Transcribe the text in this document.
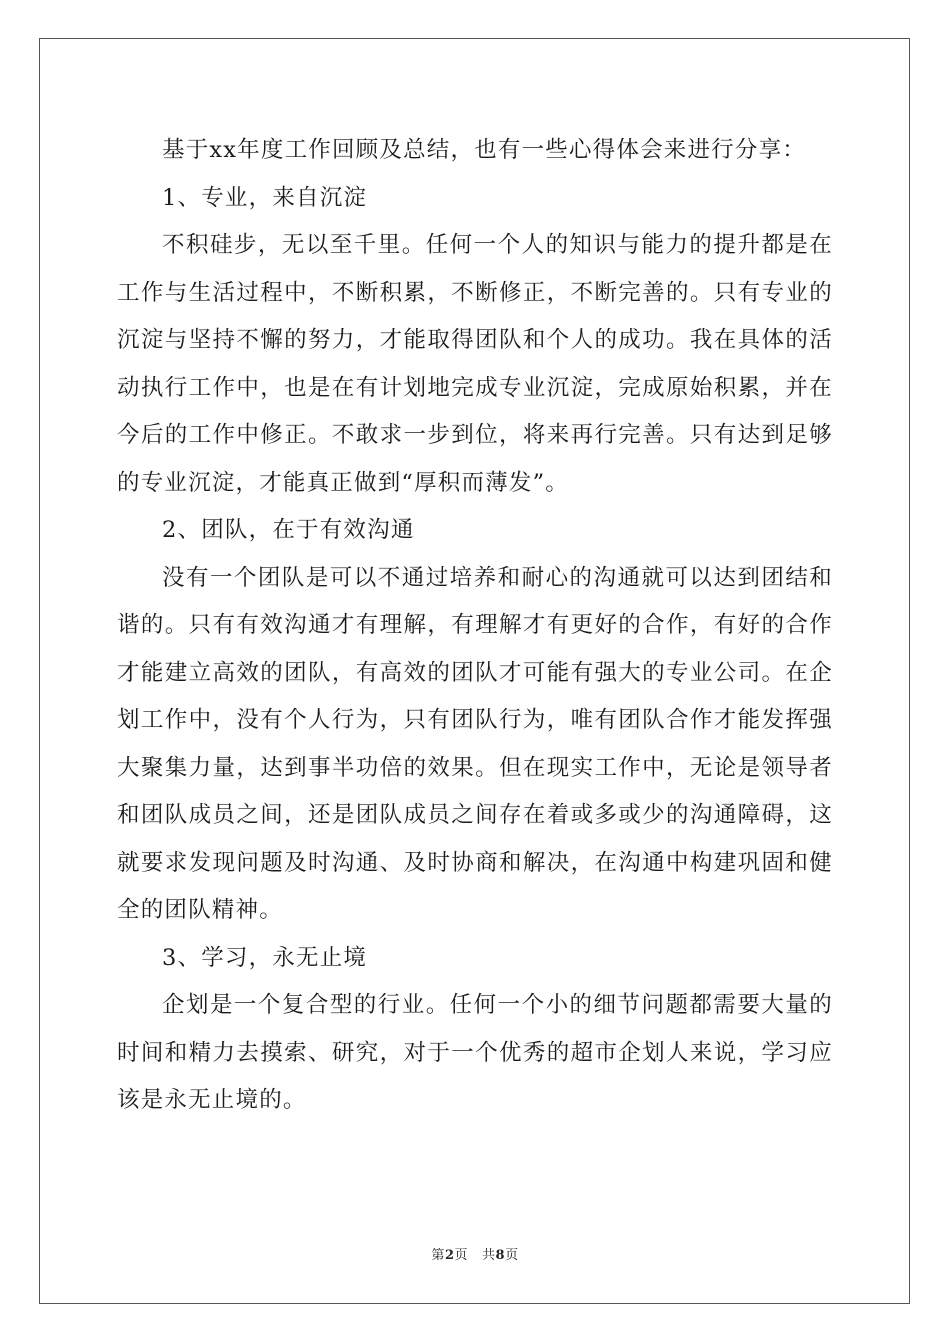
基于xx年度工作回顾及总结，也有一些心得体会来进行分享：

1、专业，来自沉淀

不积硅步，无以至千里。任何一个人的知识与能力的提升都是在工作与生活过程中，不断积累，不断修正，不断完善的。只有专业的沉淀与坚持不懈的努力，才能取得团队和个人的成功。我在具体的活动执行工作中，也是在有计划地完成专业沉淀，完成原始积累，并在今后的工作中修正。不敢求一步到位，将来再行完善。只有达到足够的专业沉淀，才能真正做到“厚积而薄发”。

2、团队，在于有效沟通

没有一个团队是可以不通过培养和耐心的沟通就可以达到团结和谐的。只有有效沟通才有理解，有理解才有更好的合作，有好的合作才能建立高效的团队，有高效的团队才可能有强大的专业公司。在企划工作中，没有个人行为，只有团队行为，唯有团队合作才能发挥强大聚集力量，达到事半功倍的效果。但在现实工作中，无论是领导者和团队成员之间，还是团队成员之间存在着或多或少的沟通障碍，这就要求发现问题及时沟通、及时协商和解决，在沟通中构建巩固和健全的团队精神。

3、学习，永无止境

企划是一个复合型的行业。任何一个小的细节问题都需要大量的时间和精力去摸索、研究，对于一个优秀的超市企划人来说，学习应该是永无止境的。

第2页 共8页
